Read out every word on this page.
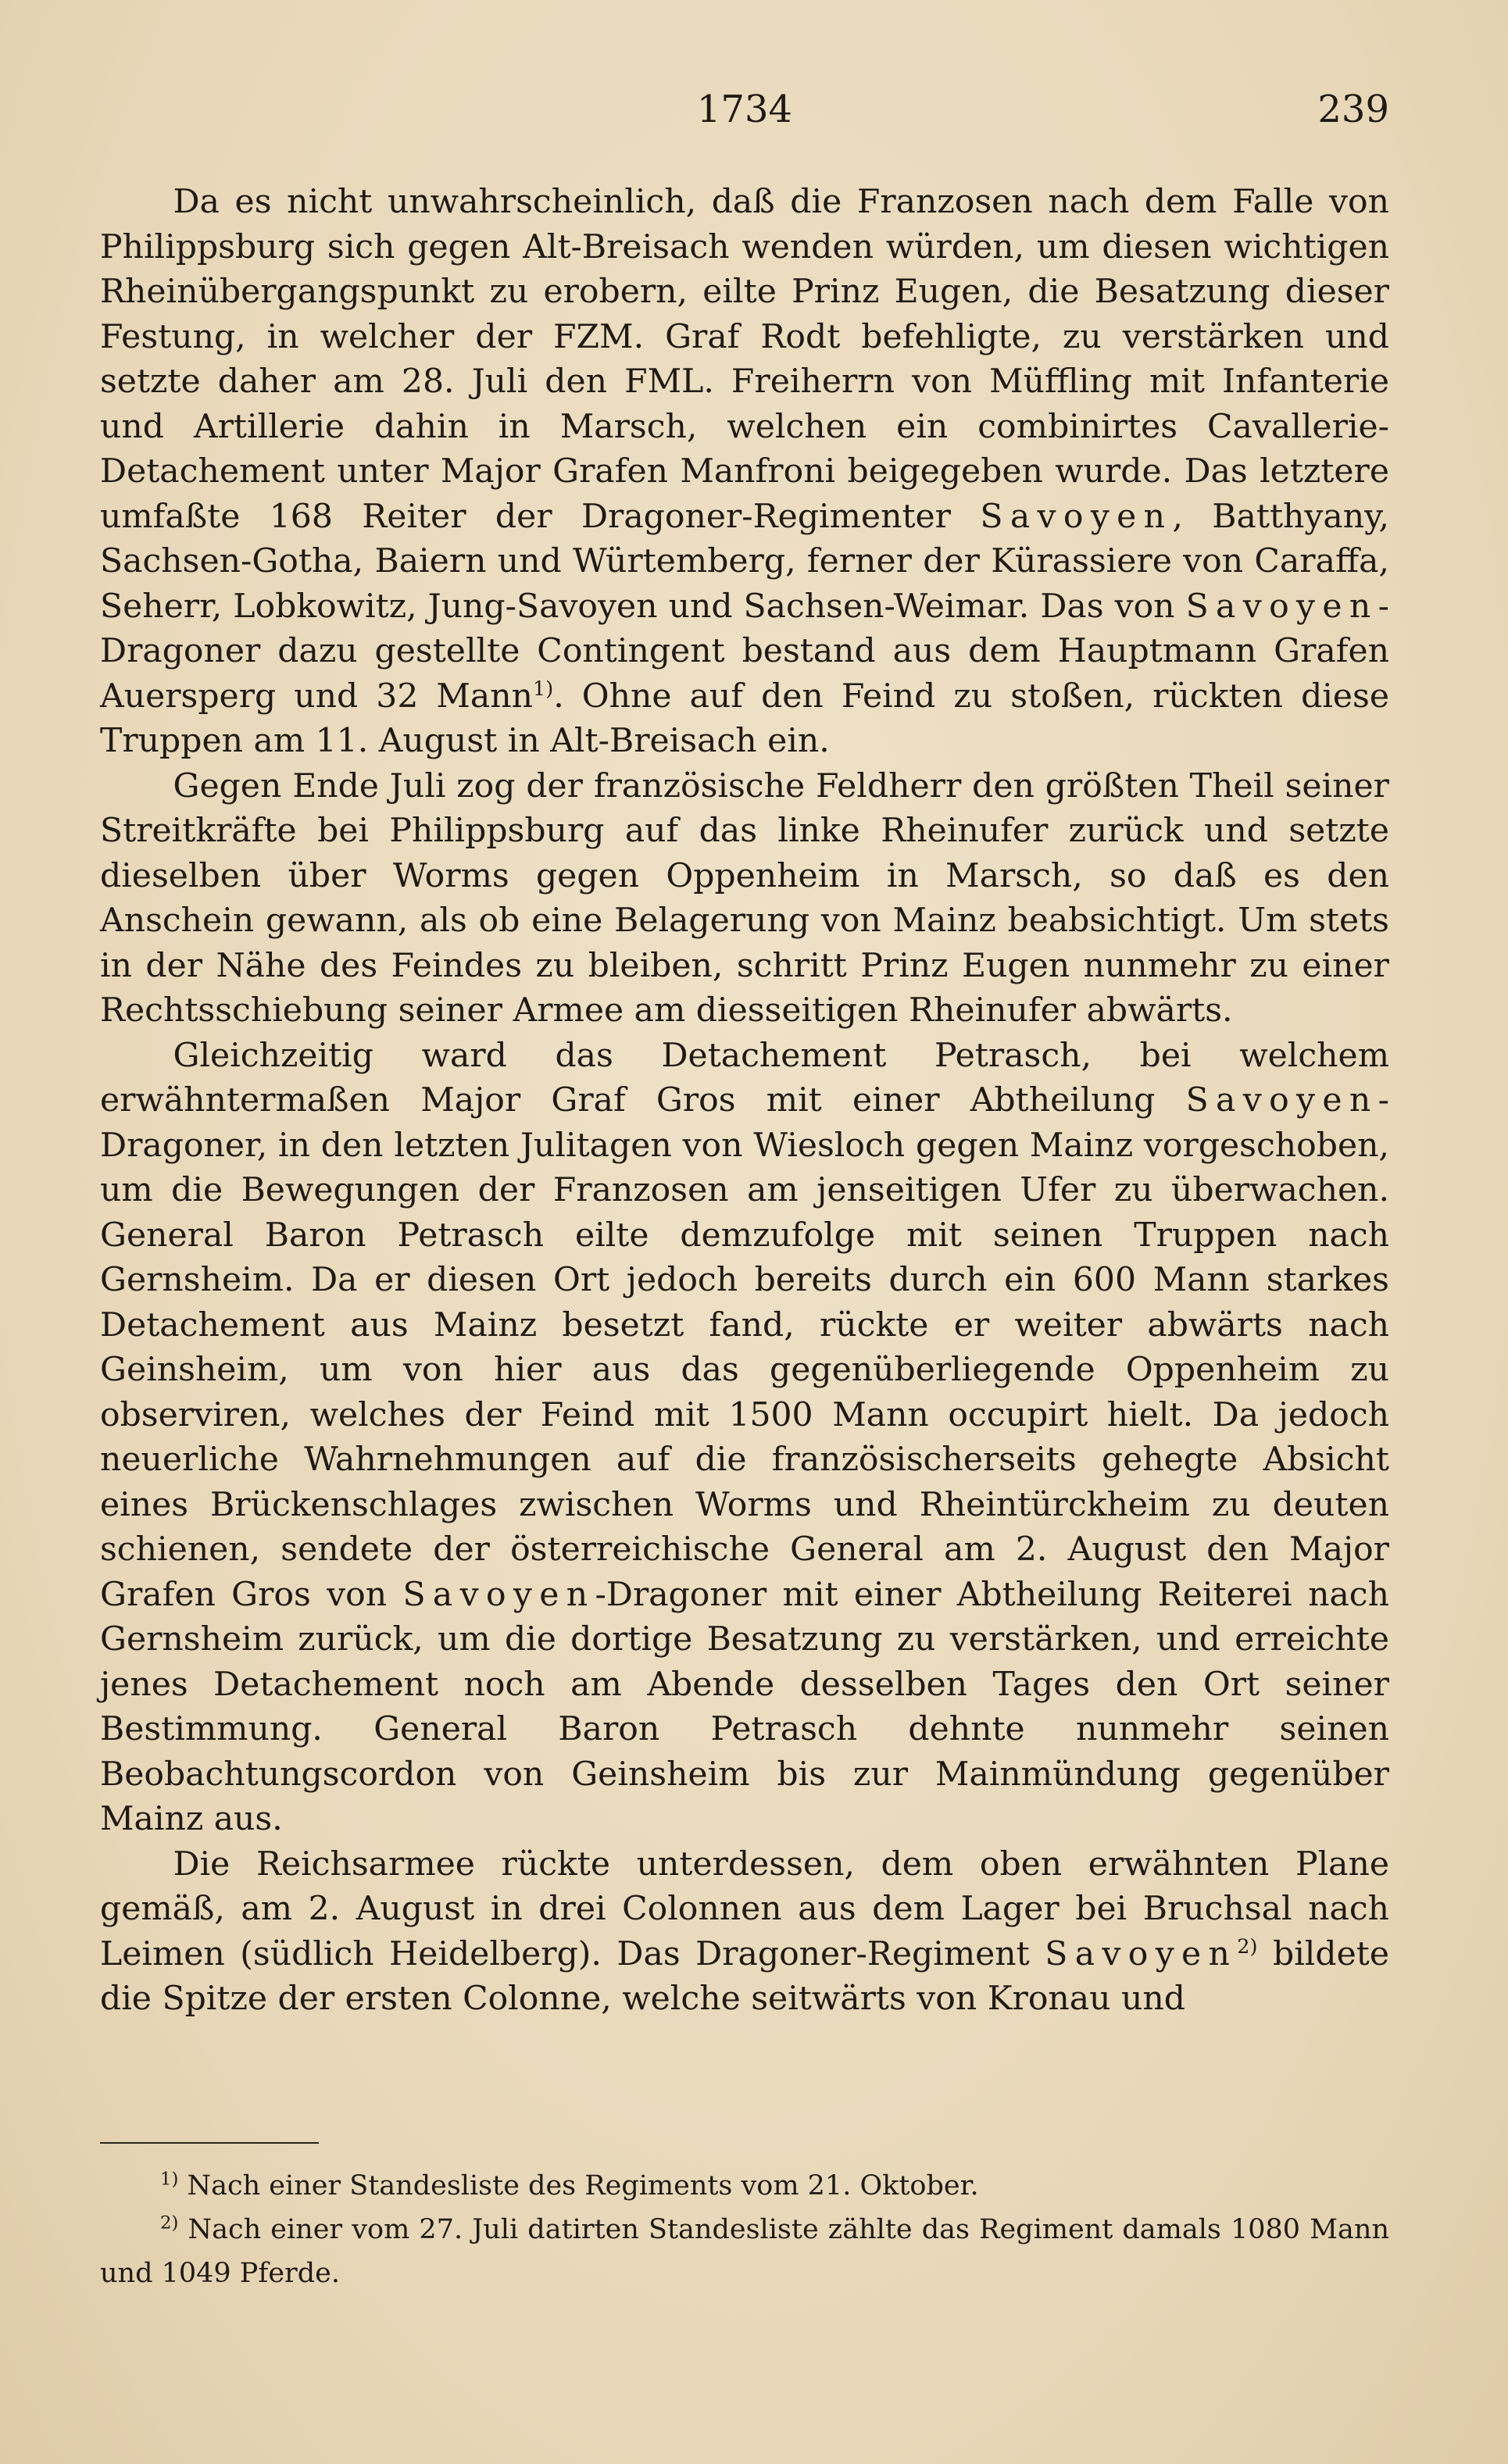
1734	239

Da es nicht unwahrscheinlich, daß die Franzosen nach dem Falle von Philippsburg sich gegen Alt-Breisach wenden würden, um diesen wichtigen Rheinübergangspunkt zu erobern, eilte Prinz Eugen, die Besatzung dieser Festung, in welcher der FZM. Graf Rodt befehligte, zu verstärken und setzte daher am 28. Juli den FML. Freiherrn von Müffling mit Infanterie und Artillerie dahin in Marsch, welchen ein combinirtes Cavallerie-Detachement unter Major Grafen Manfroni beigegeben wurde. Das letztere umfaßte 168 Reiter der Dragoner-Regimenter Savoyen, Batthyany, Sachsen-Gotha, Baiern und Würtemberg, ferner der Kürassiere von Caraffa, Seherr, Lobkowitz, Jung-Savoyen und Sachsen-Weimar. Das von Savoyen-Dragoner dazu gestellte Contingent bestand aus dem Hauptmann Grafen Auersperg und 32 Mann$^{1)}$. Ohne auf den Feind zu stoßen, rückten diese Truppen am 11. August in Alt-Breisach ein.

Gegen Ende Juli zog der französische Feldherr den größten Theil seiner Streitkräfte bei Philippsburg auf das linke Rheinufer zurück und setzte dieselben über Worms gegen Oppenheim in Marsch, so daß es den Anschein gewann, als ob eine Belagerung von Mainz beabsichtigt. Um stets in der Nähe des Feindes zu bleiben, schritt Prinz Eugen nunmehr zu einer Rechtsschiebung seiner Armee am diesseitigen Rheinufer abwärts.

Gleichzeitig ward das Detachement Petrasch, bei welchem erwähntermaßen Major Graf Gros mit einer Abtheilung Savoyen-Dragoner, in den letzten Julitagen von Wiesloch gegen Mainz vorgeschoben, um die Bewegungen der Franzosen am jenseitigen Ufer zu überwachen. General Baron Petrasch eilte demzufolge mit seinen Truppen nach Gernsheim. Da er diesen Ort jedoch bereits durch ein 600 Mann starkes Detachement aus Mainz besetzt fand, rückte er weiter abwärts nach Geinsheim, um von hier aus das gegenüberliegende Oppenheim zu observiren, welches der Feind mit 1500 Mann occupirt hielt. Da jedoch neuerliche Wahrnehmungen auf die französischerseits gehegte Absicht eines Brückenschlages zwischen Worms und Rheintürckheim zu deuten schienen, sendete der österreichische General am 2. August den Major Grafen Gros von Savoyen-Dragoner mit einer Abtheilung Reiterei nach Gernsheim zurück, um die dortige Besatzung zu verstärken, und erreichte jenes Detachement noch am Abende desselben Tages den Ort seiner Bestimmung. General Baron Petrasch dehnte nunmehr seinen Beobachtungscordon von Geinsheim bis zur Mainmündung gegenüber Mainz aus.

Die Reichsarmee rückte unterdessen, dem oben erwähnten Plane gemäß, am 2. August in drei Colonnen aus dem Lager bei Bruchsal nach Leimen (südlich Heidelberg). Das Dragoner-Regiment Savoyen$^{2)}$ bildete die Spitze der ersten Colonne, welche seitwärts von Kronau und

$^{1)}$ Nach einer Standesliste des Regiments vom 21. Oktober.

$^{2)}$ Nach einer vom 27. Juli datirten Standesliste zählte das Regiment damals 1080 Mann und 1049 Pferde.
